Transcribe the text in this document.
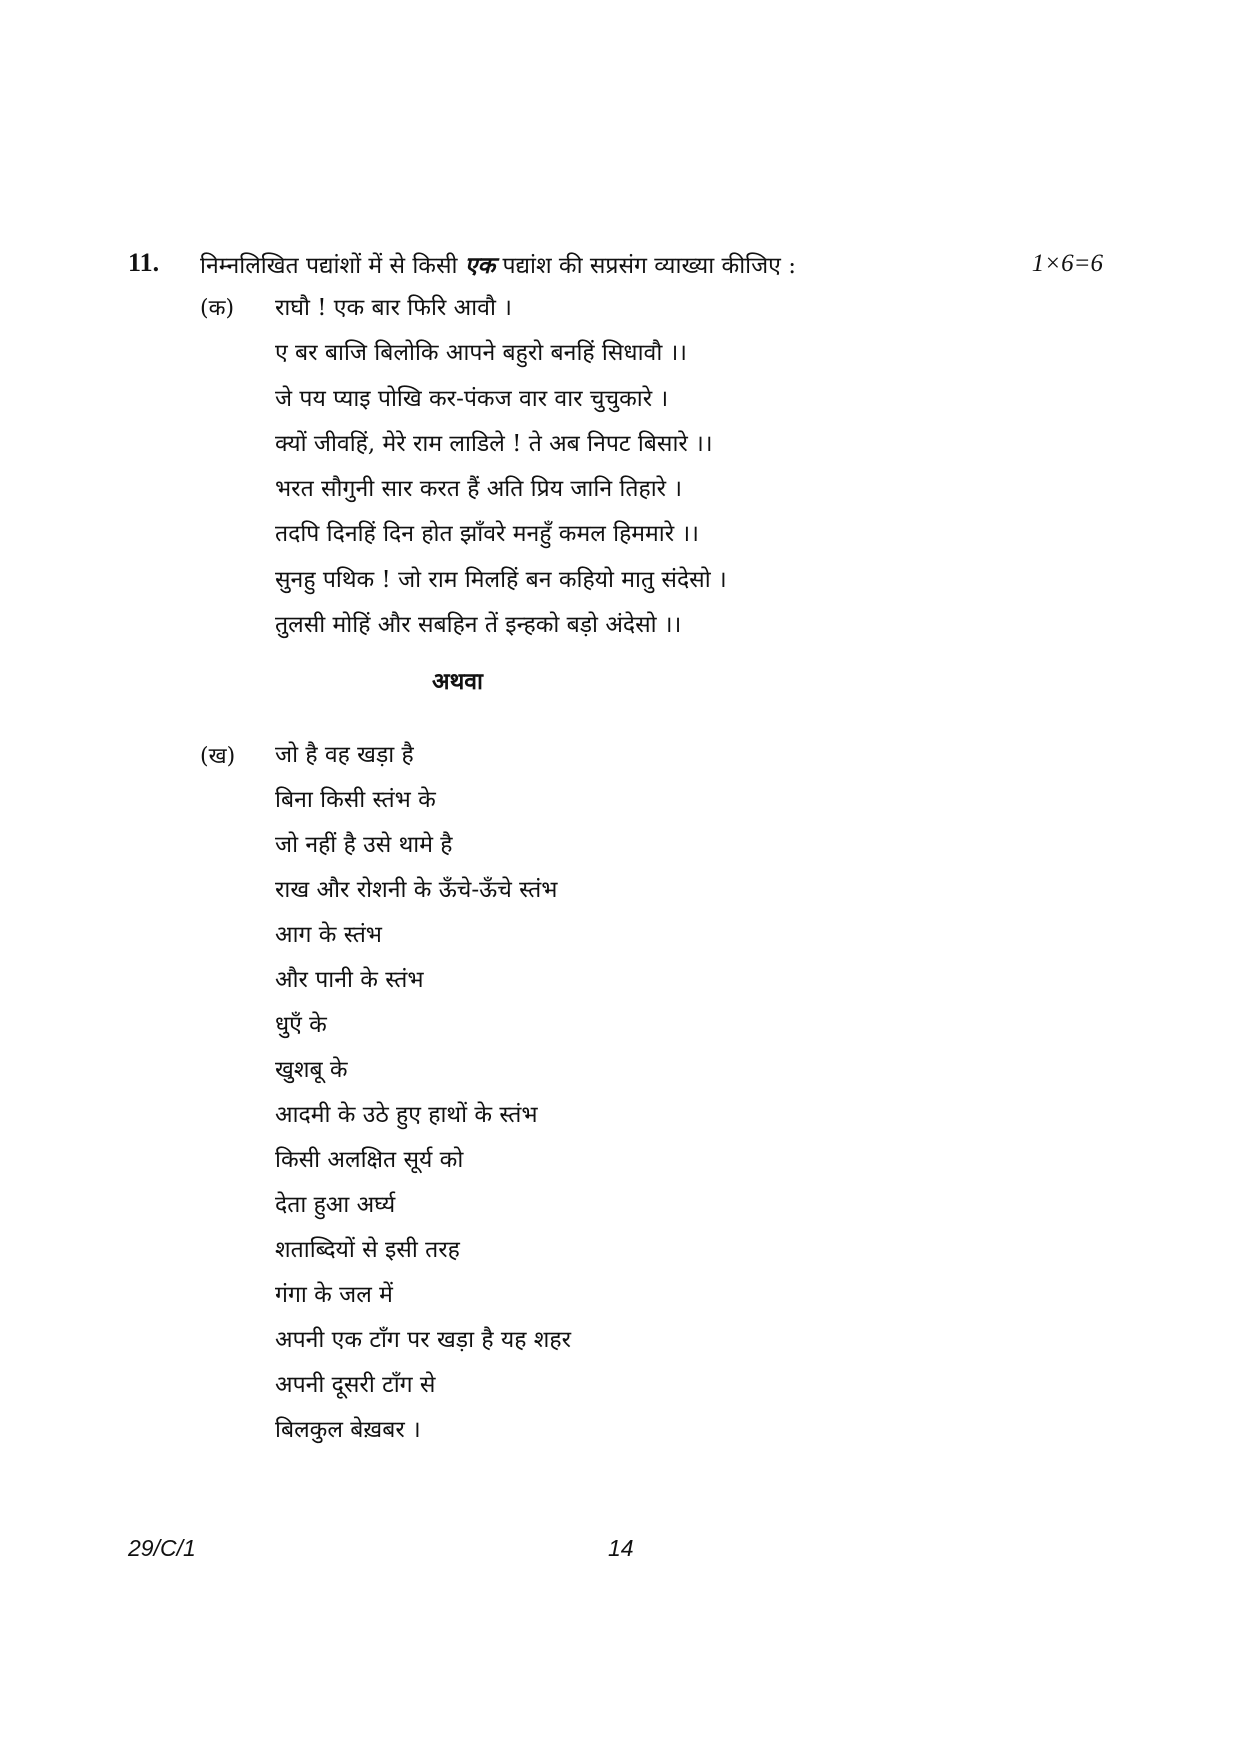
11. निम्नलिखित पद्यांशों में से किसी एक पद्यांश की सप्रसंग व्याख्या कीजिए :	1×6=6
(क) राघौ ! एक बार फिरि आवौ ।
ए बर बाजि बिलोकि आपने बहुरो बनहिं सिधावौ ।।
जे पय प्याइ पोखि कर-पंकज वार वार चुचुकारे ।
क्यों जीवहिं, मेरे राम लाडिले ! ते अब निपट बिसारे ।।
भरत सौगुनी सार करत हैं अति प्रिय जानि तिहारे ।
तदपि दिनहिं दिन होत झाँवरे मनहुँ कमल हिममारे ।।
सुनहु पथिक ! जो राम मिलहिं बन कहियो मातु संदेसो ।
तुलसी मोहिं और सबहिन तें इन्हको बड़ो अंदेसो ।।
अथवा
(ख) जो है वह खड़ा है
बिना किसी स्तंभ के
जो नहीं है उसे थामे है
राख और रोशनी के ऊँचे-ऊँचे स्तंभ
आग के स्तंभ
और पानी के स्तंभ
धुएँ के
खुशबू के
आदमी के उठे हुए हाथों के स्तंभ
किसी अलक्षित सूर्य को
देता हुआ अर्घ्य
शताब्दियों से इसी तरह
गंगा के जल में
अपनी एक टाँग पर खड़ा है यह शहर
अपनी दूसरी टाँग से
बिलकुल बेख़बर ।
29/C/1	14
